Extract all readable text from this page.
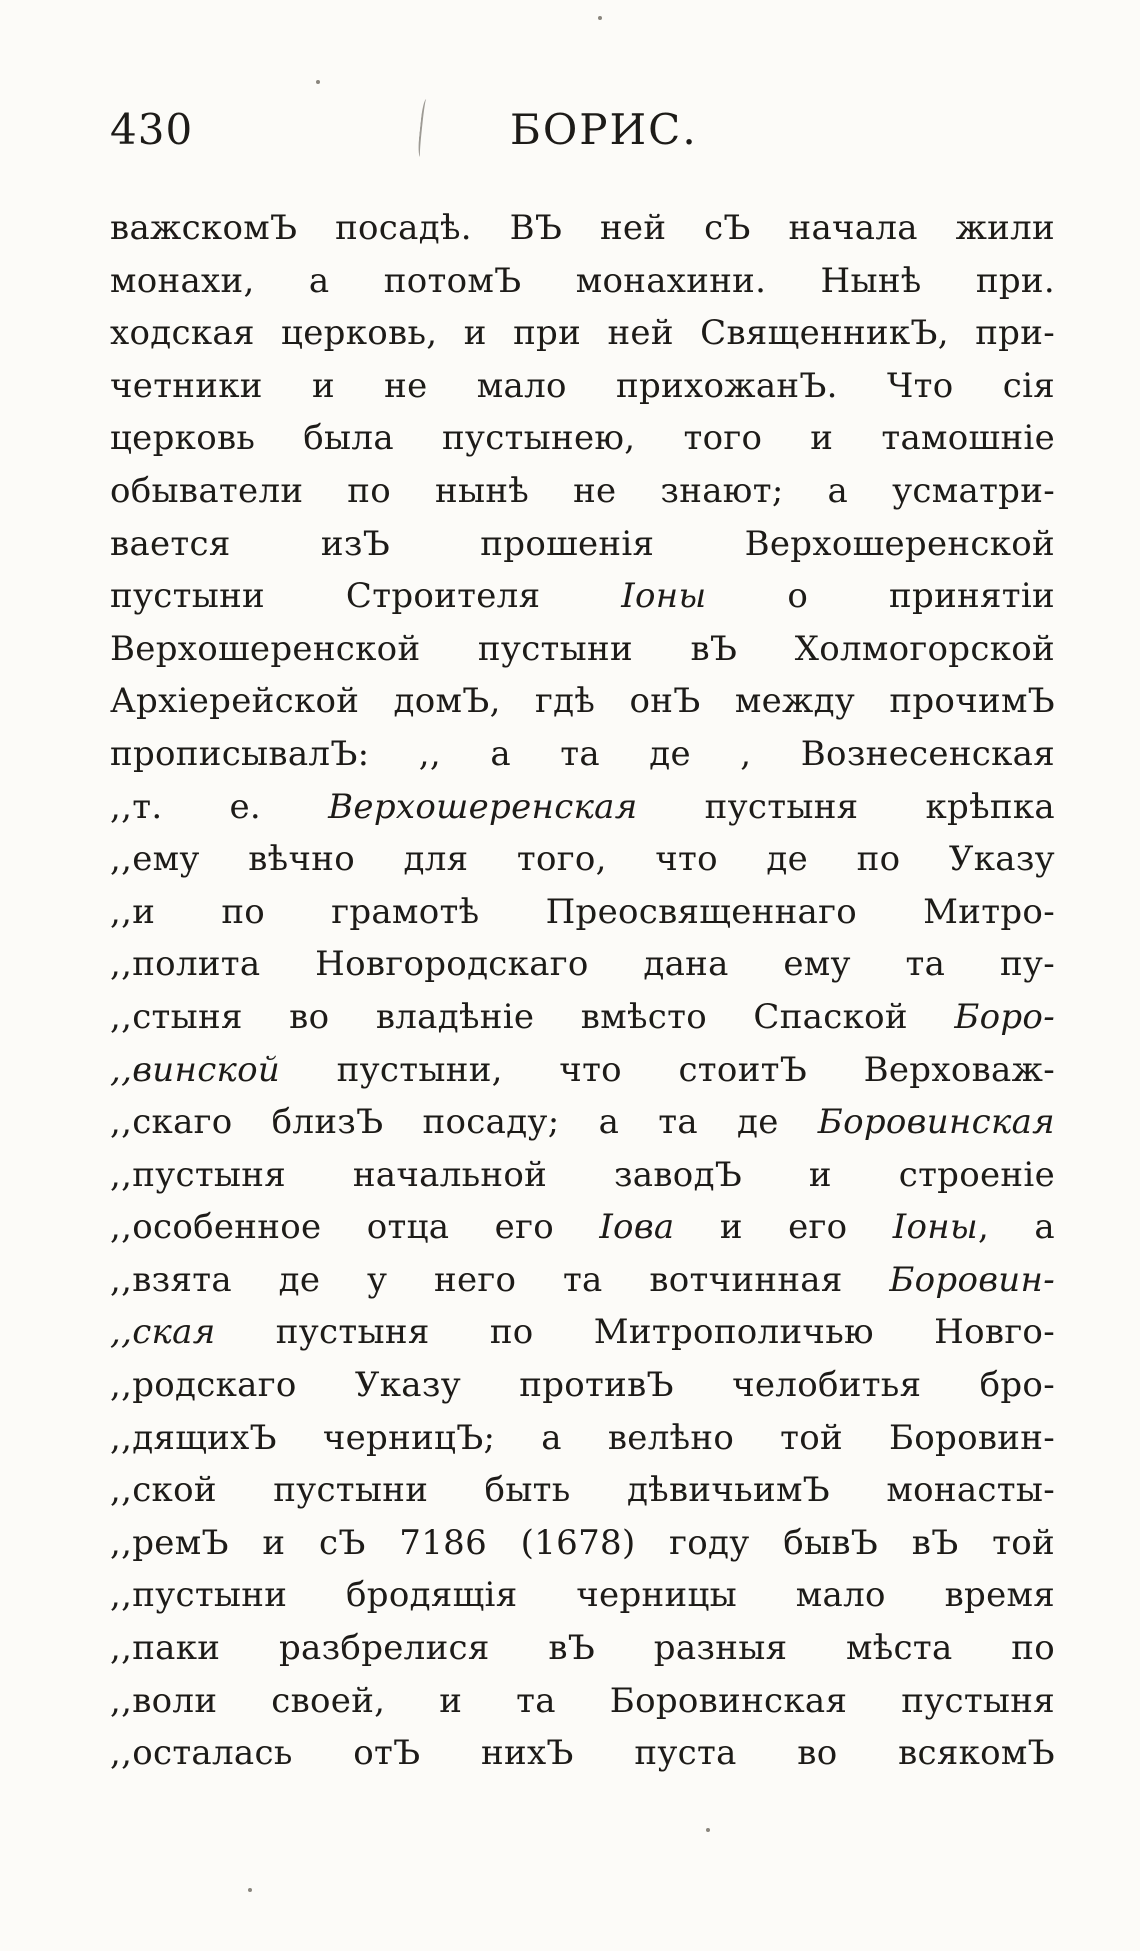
430	БОРИС.
важскомЪ посадѣ. ВЪ ней сЪ начала жили
монахи, а потомЪ монахини. Нынѣ при.
ходская церковь, и при ней СвященникЪ, при-
четники и не мало прихожанЪ. Что сія
церковь была пустынею, того и тамошніе
обыватели по нынѣ не знают; а усматри-
вается изЪ прошенія Верхошеренской
пустыни Строителя Іоны о принятіи
Верхошеренской пустыни вЪ Холмогорской
Архіерейской домЪ, гдѣ онЪ между прочимЪ
прописывалЪ: ,, а та де , Вознесенская
,,т. е. Верхошеренская пустыня крѣпка
,,ему вѣчно для того, что де по Указу
,,и по грамотѣ Преосвященнаго Митро-
,,полита Новгородскаго дана ему та пу-
,,стыня во владѣніе вмѣсто Спаской Боро-
,,винской пустыни, что стоитЪ Верховаж-
,,скаго близЪ посаду; а та де Боровинская
,,пустыня начальной заводЪ и строеніе
,,особенное отца его Іова и его Іоны, а
,,взята де у него та вотчинная Боровин-
,,ская пустыня по Митрополичью Новго-
,,родскаго Указу противЪ челобитья бро-
,,дящихЪ черницЪ; а велѣно той Боровин-
,,ской пустыни быть дѣвичьимЪ монасты-
,,ремЪ и сЪ 7186 (1678) году бывЪ вЪ той
,,пустыни бродящія черницы мало время
,,паки разбрелися вЪ разныя мѣста по
,,воли своей, и та Боровинская пустыня
,,осталась отЪ нихЪ пуста во всякомЪ
